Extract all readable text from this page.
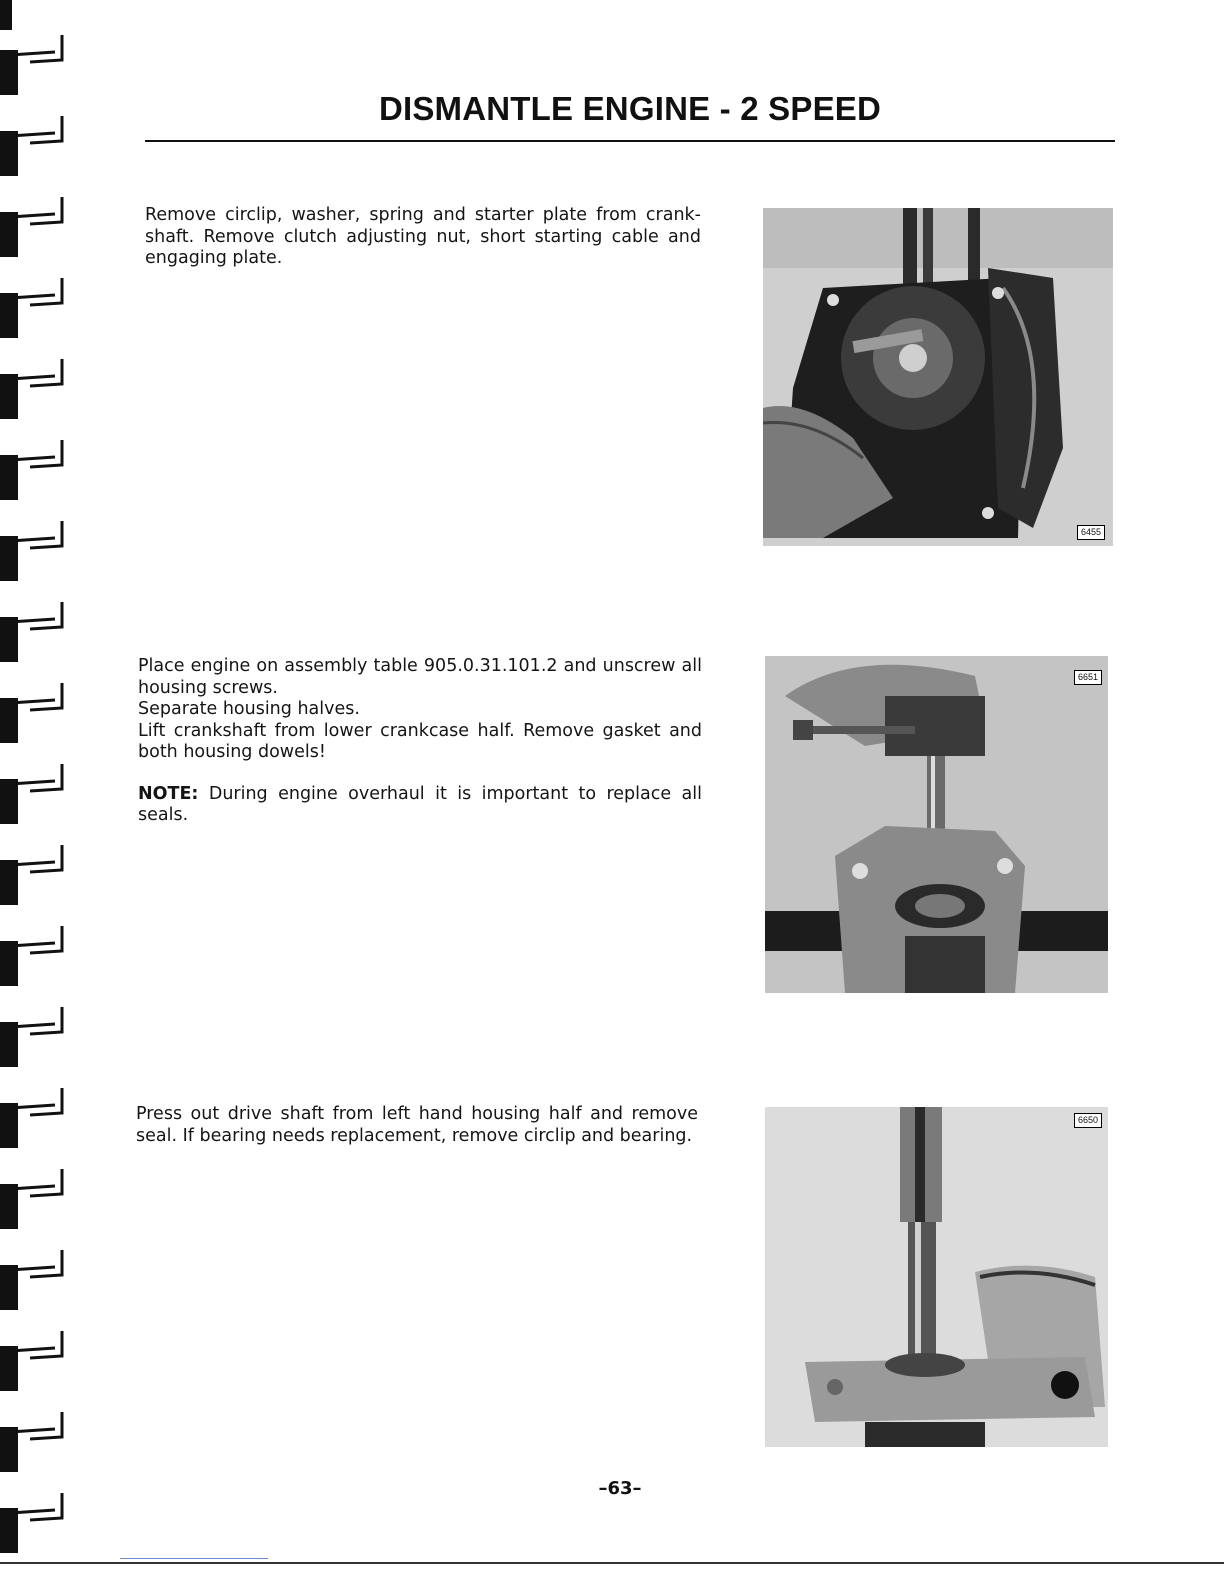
DISMANTLE ENGINE - 2 SPEED

Remove circlip, washer, spring and starter plate from crank-shaft. Remove clutch adjusting nut, short starting cable and engaging plate.

6455

Place engine on assembly table 905.0.31.101.2 and unscrew all housing screws.

Separate housing halves.

Lift crankshaft from lower crankcase half. Remove gasket and both housing dowels!

NOTE: During engine overhaul it is important to replace all seals.

6651

Press out drive shaft from left hand housing half and remove seal. If bearing needs replacement, remove circlip and bearing.

6650

–63–
